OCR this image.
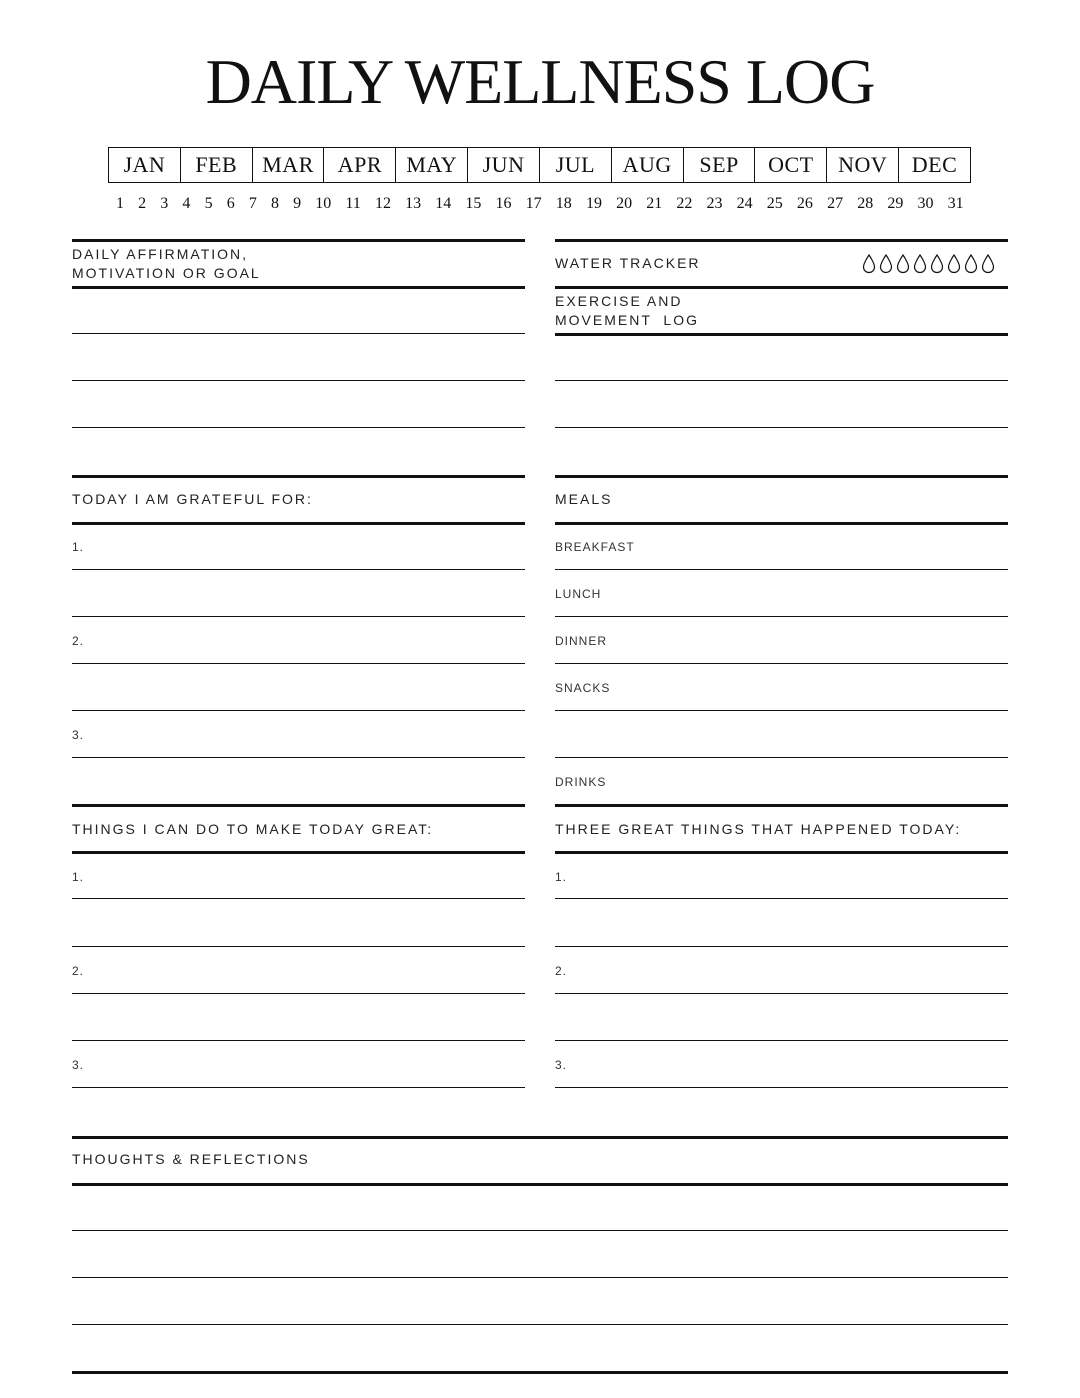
DAILY WELLNESS LOG
JAN	FEB	MAR	APR	MAY	JUN	JUL	AUG	SEP	OCT	NOV	DEC
1 2 3 4 5 6 7 8 9 10 11 12 13 14 15 16 17 18 19 20 21 22 23 24 25 26 27 28 29 30 31
DAILY AFFIRMATION,
MOTIVATION OR GOAL
TODAY I AM GRATEFUL FOR:
1.
2.
3.
THINGS I CAN DO TO MAKE TODAY GREAT:
1.
2.
3.
WATER TRACKER
EXERCISE AND
MOVEMENT  LOG
MEALS
BREAKFAST
LUNCH
DINNER
SNACKS
DRINKS
THREE GREAT THINGS THAT HAPPENED TODAY:
1.
2.
3.
THOUGHTS & REFLECTIONS
